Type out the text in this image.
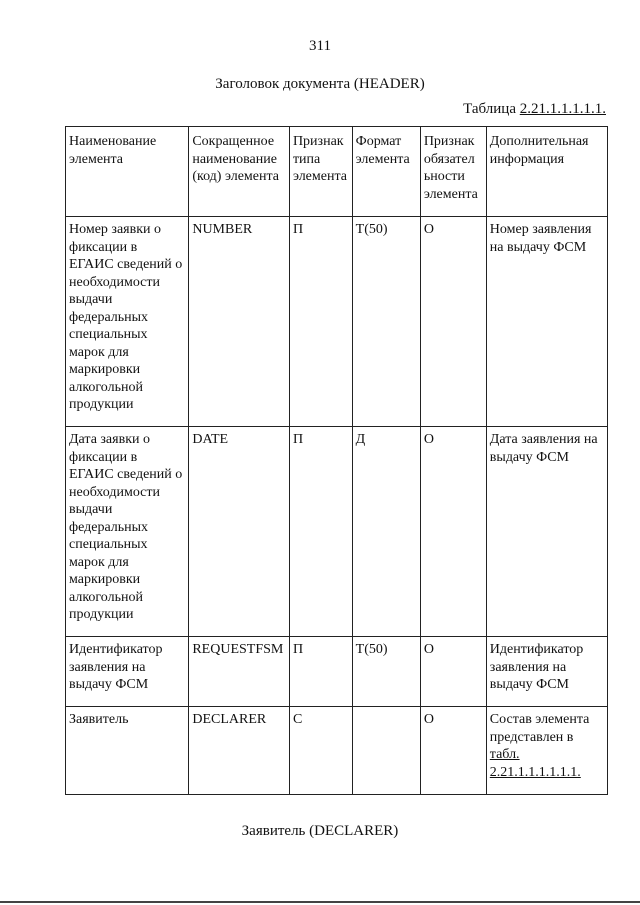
311
Заголовок документа (HEADER)
Таблица 2.21.1.1.1.1.1.
Наименование элемента	Сокращенное наименование (код) элемента	Признак типа элемента	Формат элемента	Признак обязательности элемента	Дополнительная информация
Номер заявки о фиксации в ЕГАИС сведений о необходимости выдачи федеральных специальных марок для маркировки алкогольной продукции	NUMBER	П	Т(50)	О	Номер заявления на выдачу ФСМ
Дата заявки о фиксации в ЕГАИС сведений о необходимости выдачи федеральных специальных марок для маркировки алкогольной продукции	DATE	П	Д	О	Дата заявления на выдачу ФСМ
Идентификатор заявления на выдачу ФСМ	REQUESTFSM	П	Т(50)	О	Идентификатор заявления на выдачу ФСМ
Заявитель	DECLARER	С		О	Состав элемента представлен в табл. 2.21.1.1.1.1.1.1.
Заявитель (DECLARER)
